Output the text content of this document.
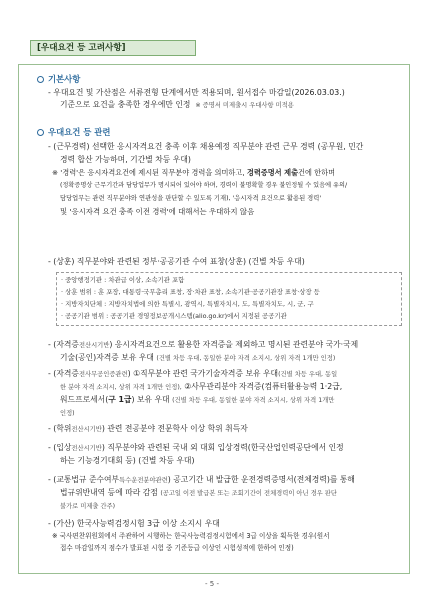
[우대요건 등 고려사항]
기본사항
- 우대요건 및 가산점은 서류전형 단계에서만 적용되며, 원서접수 마감일(2026.03.03.)
기준으로 요건을 충족한 경우에만 인정 ※ 증명서 미제출시 우대사항 미적용
우대요건 등 관련
- (근무경력) 선택한 응시자격요건 충족 이후 채용예정 직무분야 관련 근무 경력 (공무원, 민간
경력 합산 가능하며, 기간별 차등 우대)
※ '경력'은 응시자격요건에 제시된 직무분야 경력을 의미하고, 경력증명서 제출건에 한하며
(정확증명상 근무기간과 담당업무가 명시되어 있어야 하며, 경력이 불명확할 경우 불인정될 수 있음에 유의/
담당업무는 관련 직무분야와 연관성을 판단할 수 있도록 기재), '응시자격 요건으로 활용된 경력'
및 '응시자격 요건 충족 이전 경력'에 대해서는 우대하지 않음
- (상훈) 직무분야와 관련된 정부·공공기관 수여 표창(상훈) (건별 차등 우대)
· 중앙행정기관 : 차관급 이상, 소속기관 포함
· 상훈 범위 : 훈 포장, 대통령·국무총리 표창, 장·차관 표창, 소속기관·공공기관장 표창·상장 등
· 지방자치단체 : 지방자치법에 의한 특별시, 광역시, 특별자치시, 도, 특별자치도, 시, 군, 구
· 공공기관 범위 : 공공기관 경영정보공개시스템(alio.go.kr)에서 지정된 공공기관
- (자격증전산시기반) 응시자격요건으로 활용한 자격증을 제외하고 명시된 관련분야 국가·국제
기술(공인)자격증 보유 우대 (건별 차등 우대, 동일한 분야 자격 소지시, 상위 자격 1개만 인정)
- (자격증전사무공인증관련) ①직무분야 관련 국가기술자격증 보유 우대(건별 차등 우대, 동일
한 분야 자격 소지시, 상위 자격 1개만 인정), ②사무관리분야 자격증(컴퓨터활용능력 1·2급,
워드프로세서(구 1급) 보유 우대 (건별 차등 우대, 동일한 분야 자격 소지시, 상위 자격 1개만
인정)
- (학위전산시기반) 관련 전공분야 전문학사 이상 학위 취득자
- (입상전산시기반) 직무분야와 관련된 국내 외 대회 입상경력(한국산업인력공단에서 인정
하는 기능경기대회 등) (건별 차등 우대)
- (교통법규 준수여부특수운전분야관련) 공고기간 내 발급한 운전경력증명서(전체경력)를 통해
법규위반내역 등에 따라 감점 (공고일 이전 발급본 또는 조회기간이 전체경력이 아닌 경우 판단
불가로 미제출 간주)
- (가산) 한국사능력검정시험 3급 이상 소지시 우대
※ 국사편찬위원회에서 주관하여 시행하는 한국사능력검정시험에서 3급 이상을 획득한 경우(원서
접수 마감일까지 점수가 발표된 시험 중 기준등급 이상인 시험성적에 한하여 인정)
- 5 -
